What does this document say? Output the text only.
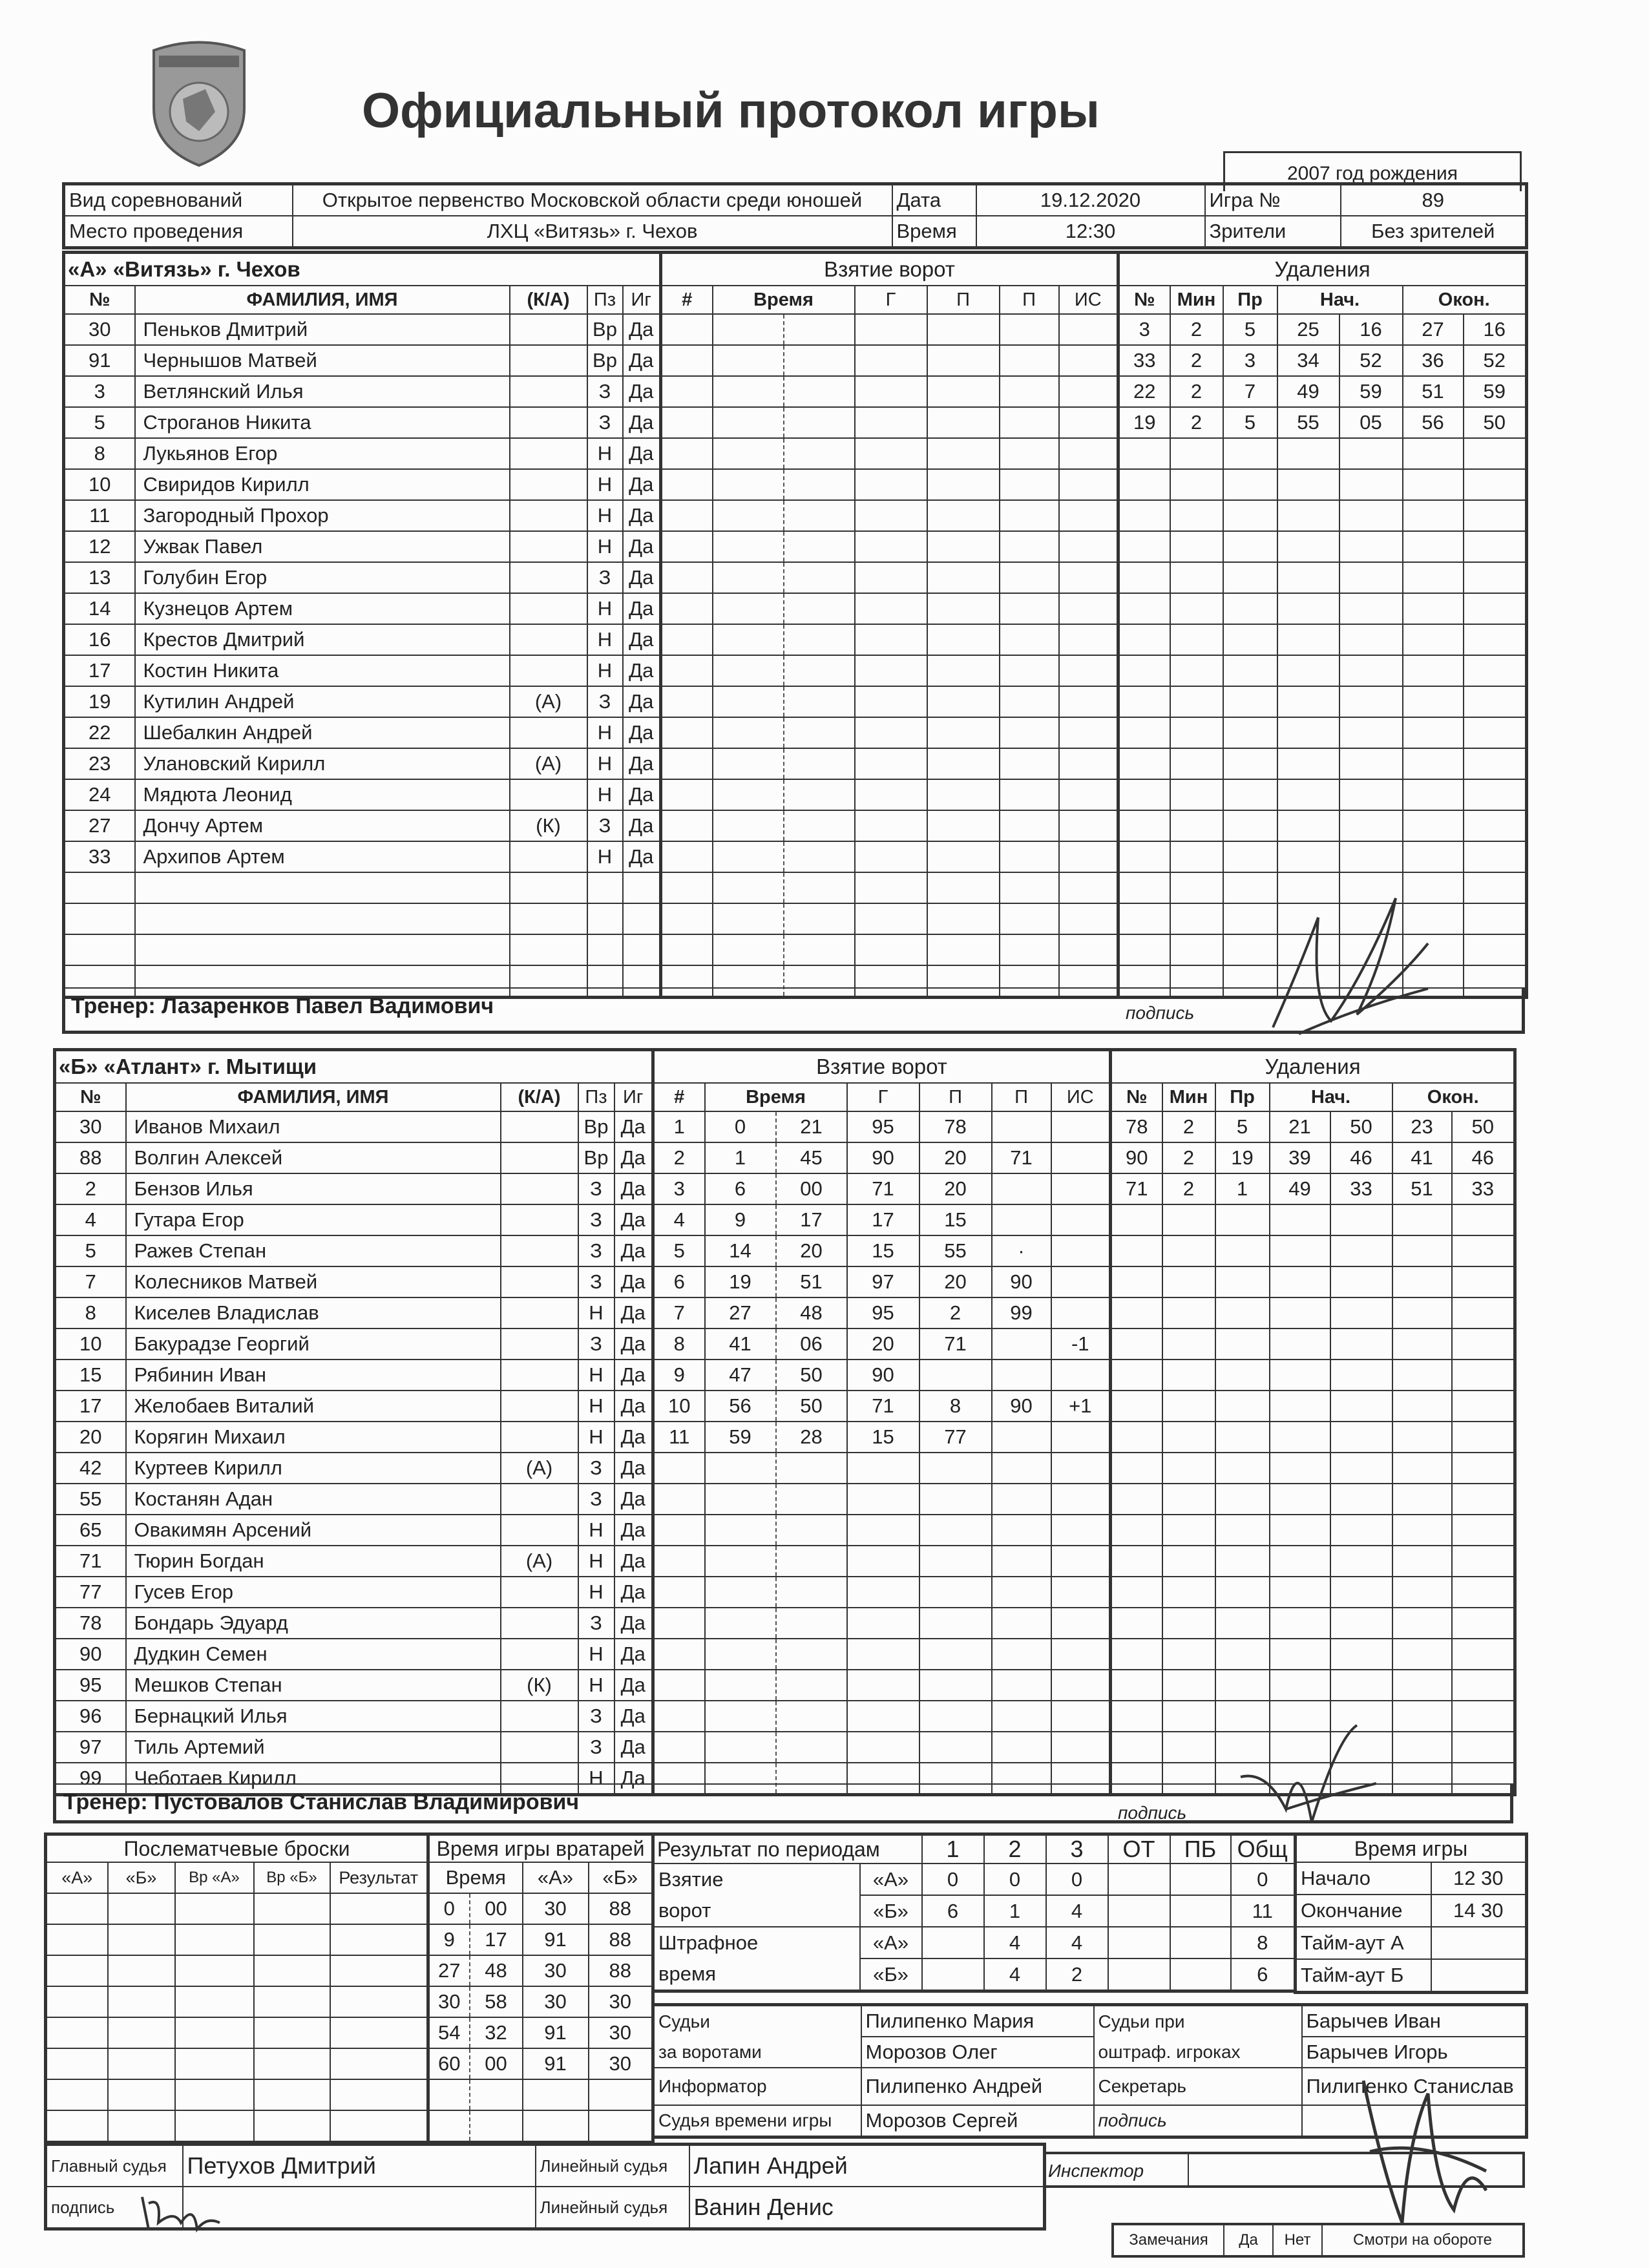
Официальный протокол игры
2007 год рождения
Вид соревнований	Открытое первенство Московской области среди юношей	Дата	19.12.2020	Игра №	89
Место проведения	ЛХЦ «Витязь» г. Чехов	Время	12:30	Зрители	Без зрителей
«А» «Витязь» г. Чехов				
№	ФАМИЛИЯ, ИМЯ	(К/А)	Пз	Иг
30	Пеньков Дмитрий		Вр	Да
91	Чернышов Матвей		Вр	Да
3	Ветлянский Илья		З	Да
5	Строганов Никита		З	Да
8	Лукьянов Егор		Н	Да
10	Свиридов Кирилл		Н	Да
11	Загородный Прохор		Н	Да
12	Ужвак Павел		Н	Да
13	Голубин Егор		З	Да
14	Кузнецов Артем		Н	Да
16	Крестов Дмитрий		Н	Да
17	Костин Никита		Н	Да
19	Кутилин Андрей	(А)	З	Да
22	Шебалкин Андрей		Н	Да
23	Улановский Кирилл	(А)	Н	Да
24	Мядюта Леонид		Н	Да
27	Дончу Артем	(К)	З	Да
33	Архипов Артем		Н	Да

Взятие ворот						
#	Время		Г	П	П	ИС

Удаления						
№	Мин	Пр	Нач.		Окон.	
3	2	5	25	16	27	16
33	2	3	34	52	36	52
22	2	7	49	59	51	59
19	2	5	55	05	56	50

Тренер: Лазаренков Павел Вадимович	подпись
«Б» «Атлант» г. Мытищи				
№	ФАМИЛИЯ, ИМЯ	(К/А)	Пз	Иг
30	Иванов Михаил		Вр	Да
88	Волгин Алексей		Вр	Да
2	Бензов Илья		З	Да
4	Гутара Егор		З	Да
5	Ражев Степан		З	Да
7	Колесников Матвей		З	Да
8	Киселев Владислав		Н	Да
10	Бакурадзе Георгий		З	Да
15	Рябинин Иван		Н	Да
17	Желобаев Виталий		Н	Да
20	Корягин Михаил		Н	Да
42	Куртеев Кирилл	(А)	З	Да
55	Костанян Адан		З	Да
65	Овакимян Арсений		Н	Да
71	Тюрин Богдан	(А)	Н	Да
77	Гусев Егор		Н	Да
78	Бондарь Эдуард		З	Да
90	Дудкин Семен		Н	Да
95	Мешков Степан	(К)	Н	Да
96	Бернацкий Илья		З	Да
97	Тиль Артемий		З	Да
99	Чеботаев Кирилл		Н	Да
Взятие ворот						
#	Время		Г	П	П	ИС
1	0	21	95	78		
2	1	45	90	20	71	
3	6	00	71	20		
4	9	17	17	15		
5	14	20	15	55	·	
6	19	51	97	20	90	
7	27	48	95	2	99	
8	41	06	20	71		-1
9	47	50	90			
10	56	50	71	8	90	+1
11	59	28	15	77		

Удаления						
№	Мин	Пр	Нач.		Окон.	
78	2	5	21	50	23	50
90	2	19	39	46	41	46
71	2	1	49	33	51	33

Тренер: Пустовалов Станислав Владимирович	подпись
Послематчевые броски				
«А»	«Б»	Вр «А»	Вр «Б»	Результат

Время игры вратарей			
Время		«А»	«Б»
0	00	30	88
9	17	91	88
27	48	30	88
30	58	30	30
54	32	91	30
60	00	91	30

Результат по периодам		1	2	3	ОТ	ПБ	Общ
Взятие	«А»	0	0	0			0
ворот	«Б»	6	1	4			11
Штрафное	«А»		4	4			8
время	«Б»		4	2			6
Время игры	
Начало	12 30
Окончание	14 30
Тайм-аут А	
Тайм-аут Б	
Судьи	Пилипенко Мария	Судьи при	Барычев Иван
за воротами	Морозов Олег	оштраф. игроках	Барычев Игорь
Информатор	Пилипенко Андрей	Секретарь	Пилипенко Станислав
Судья времени игры	Морозов Сергей	подпись	
Главный судья	Петухов Дмитрий	Линейный судья	Лапин Андрей
подпись		Линейный судья	Ванин Денис
Инспектор
Замечания	Да	Нет	Смотри на обороте
